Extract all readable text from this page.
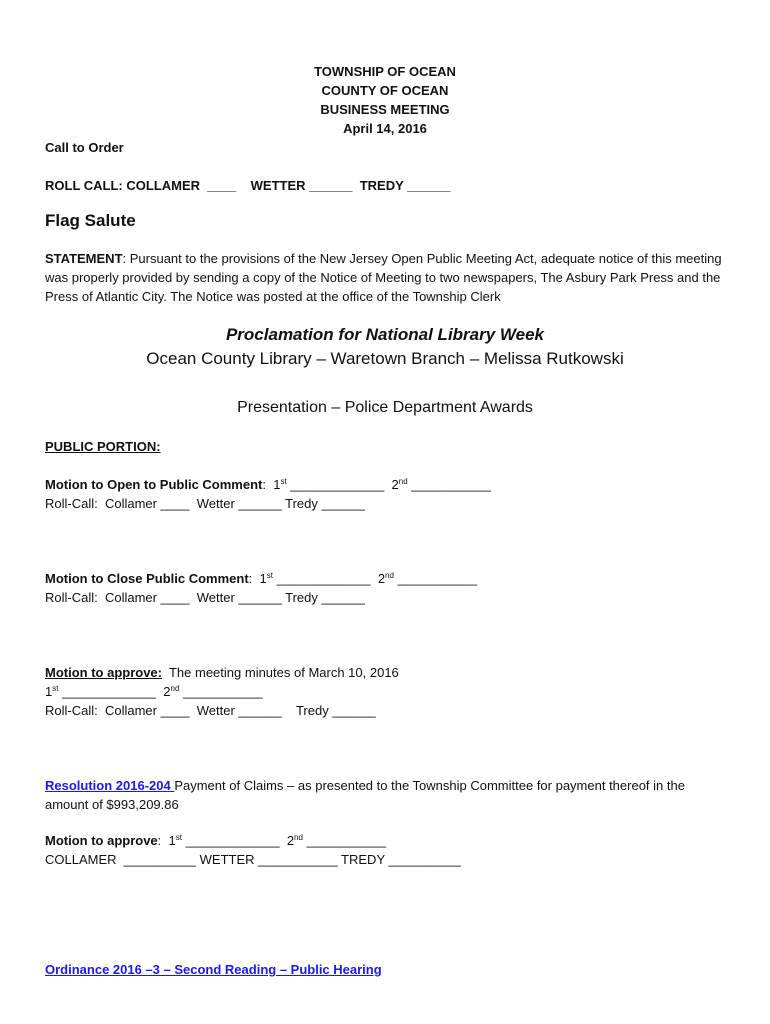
TOWNSHIP OF OCEAN
COUNTY OF OCEAN
BUSINESS MEETING
April 14, 2016
Call to Order
ROLL CALL: COLLAMER  ____    WETTER ______  TREDY ______
Flag Salute
STATEMENT: Pursuant to the provisions of the New Jersey Open Public Meeting Act, adequate notice of this meeting was properly provided by sending a copy of the Notice of Meeting to two newspapers, The Asbury Park Press and the Press of Atlantic City. The Notice was posted at the office of the Township Clerk
Proclamation for National Library Week
Ocean County Library – Waretown Branch – Melissa Rutkowski
Presentation – Police Department Awards
PUBLIC PORTION:
Motion to Open to Public Comment:  1st _____________  2nd ___________
Roll-Call:  Collamer ____  Wetter ______ Tredy ______
Motion to Close Public Comment:  1st _____________  2nd ___________
Roll-Call:  Collamer ____  Wetter ______ Tredy ______
Motion to approve:  The meeting minutes of March 10, 2016
1st _____________  2nd ___________
Roll-Call:  Collamer ____  Wetter ______    Tredy ______
Resolution 2016-204 Payment of Claims – as presented to the Township Committee for payment thereof in the amount of $993,209.86
Motion to approve:  1st _____________  2nd ___________
COLLAMER  __________ WETTER ___________ TREDY __________
Ordinance 2016 –3 – Second Reading – Public Hearing
